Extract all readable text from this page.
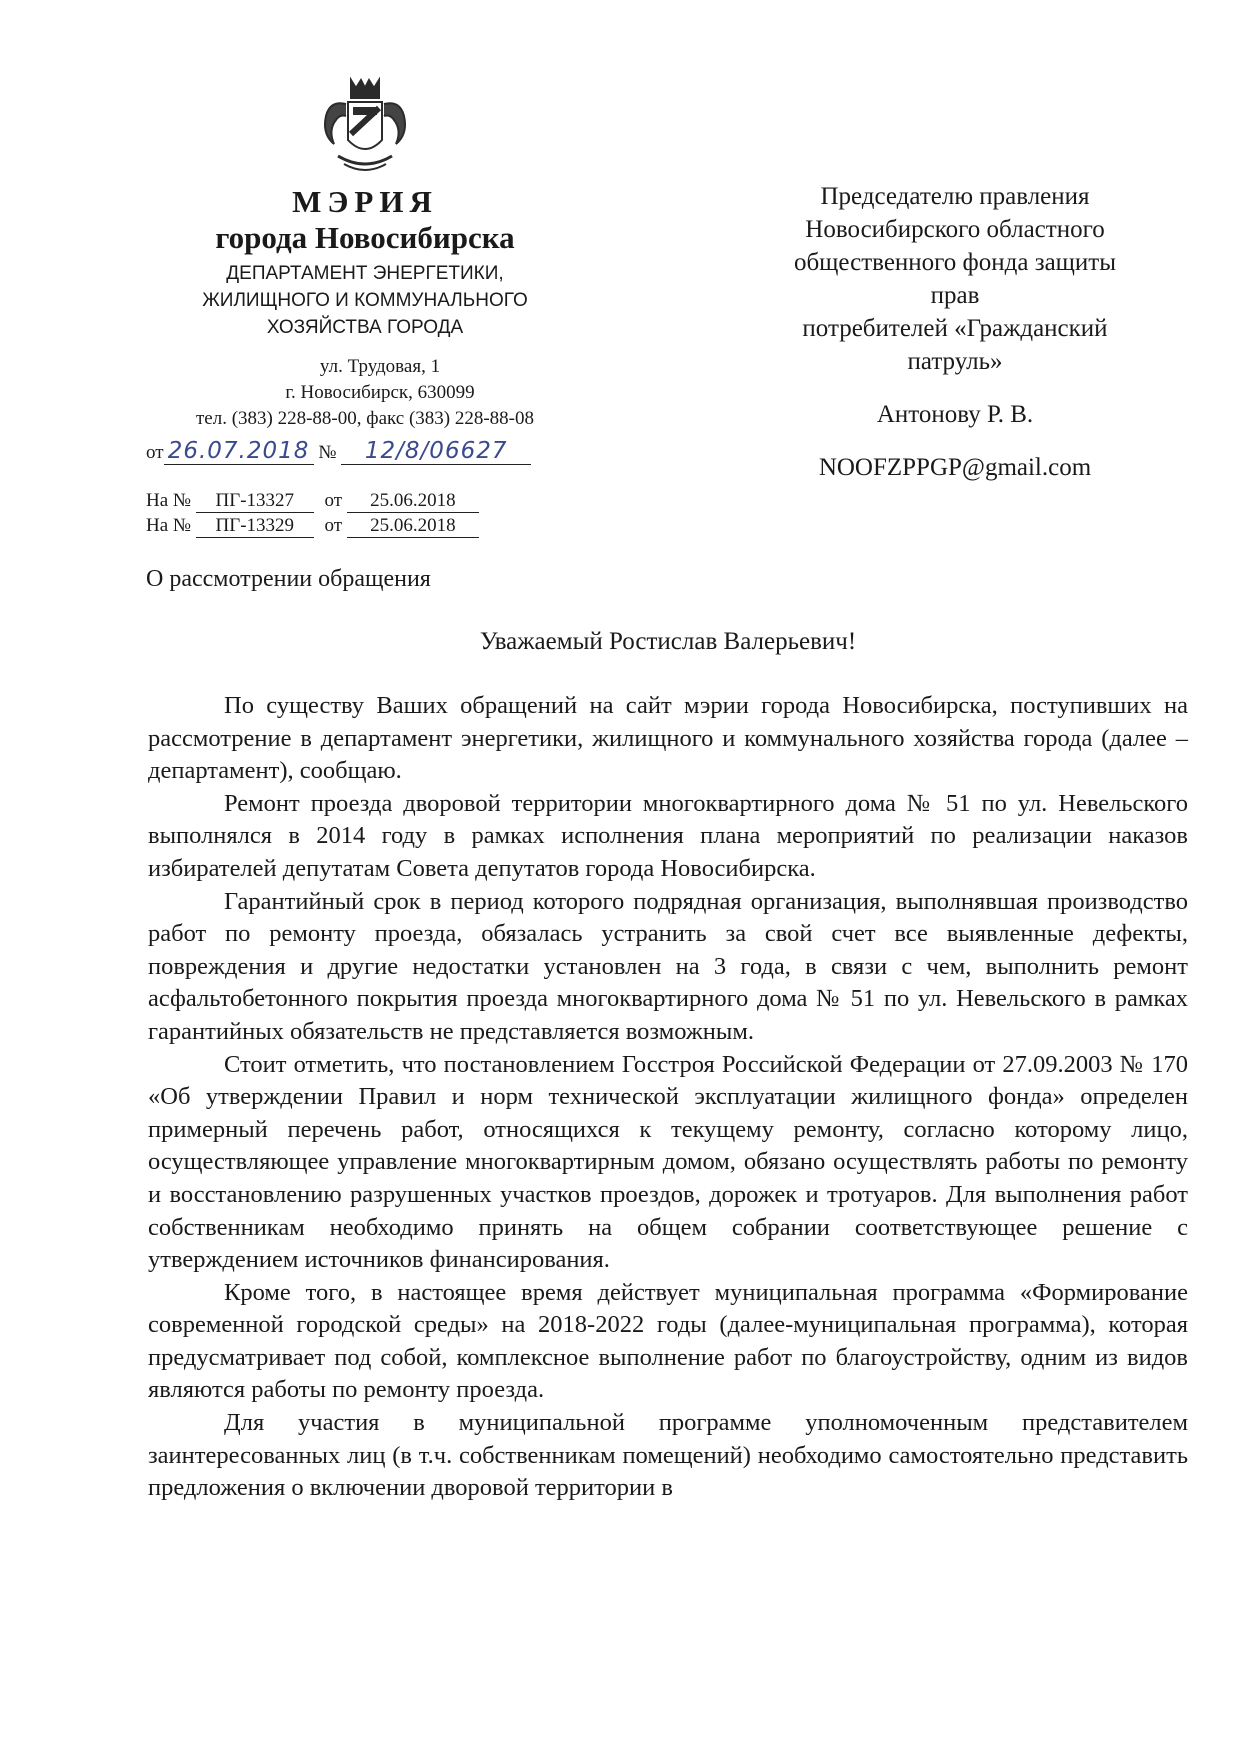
МЭРИЯ
города Новосибирска
ДЕПАРТАМЕНТ ЭНЕРГЕТИКИ,
ЖИЛИЩНОГО И КОММУНАЛЬНОГО
ХОЗЯЙСТВА ГОРОДА
ул. Трудовая, 1
г. Новосибирск, 630099
тел. (383) 228-88-00, факс (383) 228-88-08
от 26.07.2018 № 12/8/06627
На № ПГ-13327 от 25.06.2018
На № ПГ-13329 от 25.06.2018
Председателю правления
Новосибирского областного
общественного фонда защиты
прав
потребителей «Гражданский
патруль»
Антонову Р. В.
NOOFZPPGP@gmail.com
О рассмотрении обращения
Уважаемый Ростислав Валерьевич!

По существу Ваших обращений на сайт мэрии города Новосибирска, поступивших на рассмотрение в департамент энергетики, жилищного и коммунального хозяйства города (далее – департамент), сообщаю.

Ремонт проезда дворовой территории многоквартирного дома № 51 по ул. Невельского выполнялся в 2014 году в рамках исполнения плана мероприятий по реализации наказов избирателей депутатам Совета депутатов города Новосибирска.

Гарантийный срок в период которого подрядная организация, выполнявшая производство работ по ремонту проезда, обязалась устранить за свой счет все выявленные дефекты, повреждения и другие недостатки установлен на 3 года, в связи с чем, выполнить ремонт асфальтобетонного покрытия проезда многоквартирного дома № 51 по ул. Невельского в рамках гарантийных обязательств не представляется возможным.

Стоит отметить, что постановлением Госстроя Российской Федерации от 27.09.2003 № 170 «Об утверждении Правил и норм технической эксплуатации жилищного фонда» определен примерный перечень работ, относящихся к текущему ремонту, согласно которому лицо, осуществляющее управление многоквартирным домом, обязано осуществлять работы по ремонту и восстановлению разрушенных участков проездов, дорожек и тротуаров. Для выполнения работ собственникам необходимо принять на общем собрании соответствующее решение с утверждением источников финансирования.

Кроме того, в настоящее время действует муниципальная программа «Формирование современной городской среды» на 2018-2022 годы (далее-муниципальная программа), которая предусматривает под собой, комплексное выполнение работ по благоустройству, одним из видов являются работы по ремонту проезда.

Для участия в муниципальной программе уполномоченным представителем заинтересованных лиц (в т.ч. собственникам помещений) необходимо самостоятельно представить предложения о включении дворовой территории в
